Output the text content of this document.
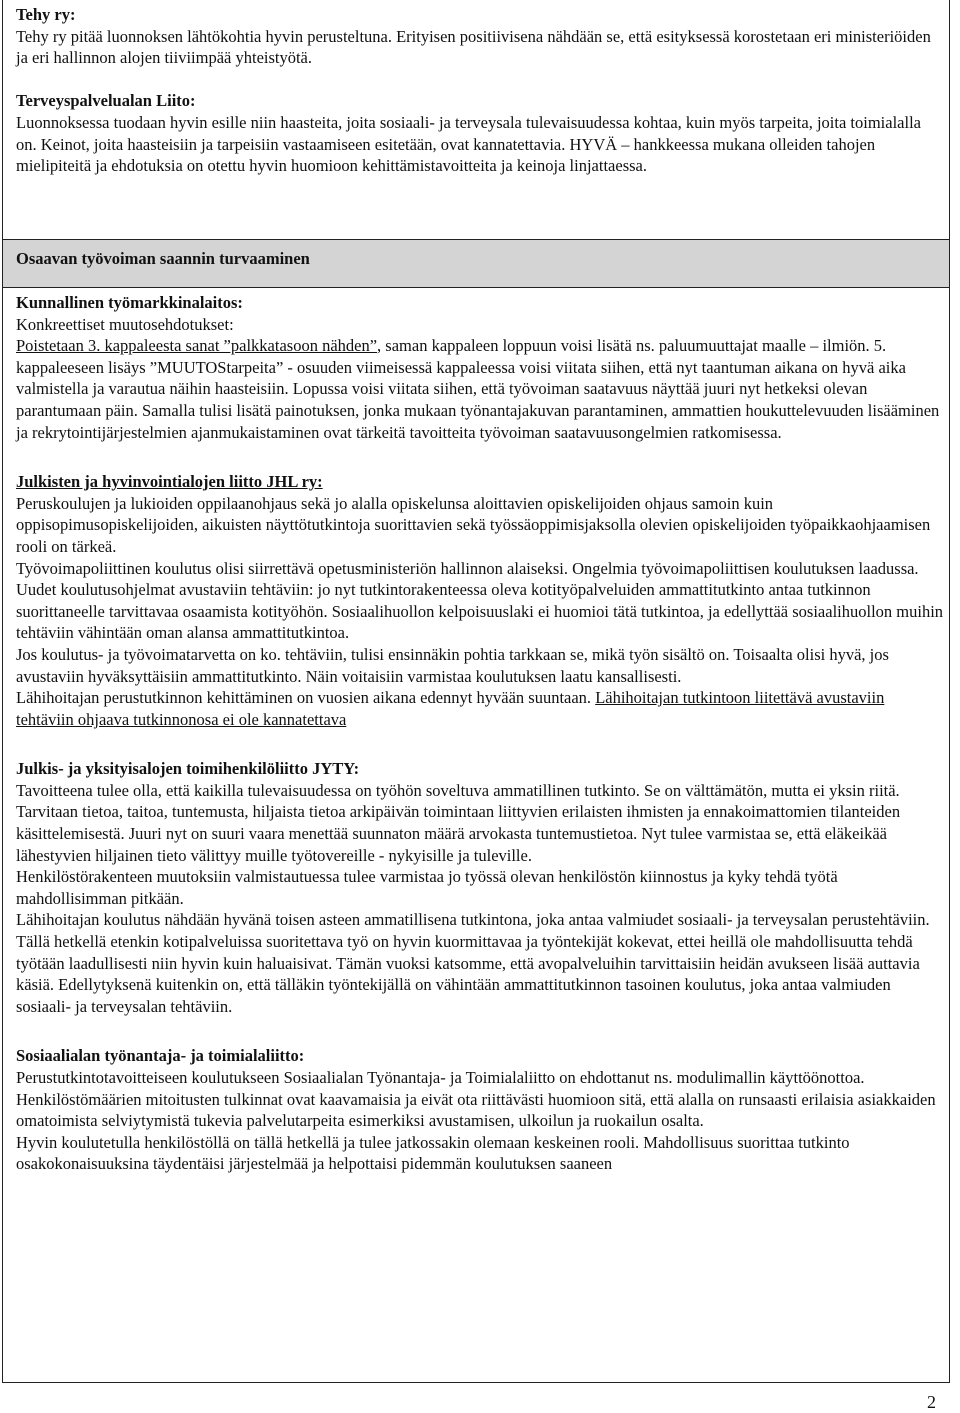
Tehy ry:

Tehy ry pitää luonnoksen lähtökohtia hyvin perusteltuna. Erityisen positiivisena nähdään se, että esityksessä korostetaan eri ministeriöiden ja eri hallinnon alojen tiiviimpää yhteistyötä.

Terveyspalvelualan Liito:

Luonnoksessa tuodaan hyvin esille niin haasteita, joita sosiaali- ja terveysala tulevaisuudessa kohtaa, kuin myös tarpeita, joita toimialalla on. Keinot, joita haasteisiin ja tarpeisiin vastaamiseen esitetään, ovat kannatettavia. HYVÄ – hankkeessa mukana olleiden tahojen mielipiteitä ja ehdotuksia on otettu hyvin huomioon kehittämistavoitteita ja keinoja linjattaessa.

Osaavan työvoiman saannin turvaaminen

Kunnallinen työmarkkinalaitos:

Konkreettiset muutosehdotukset:

Poistetaan 3. kappaleesta sanat ”palkkatasoon nähden”, saman kappaleen loppuun voisi lisätä ns. paluumuuttajat maalle – ilmiön. 5. kappaleeseen lisäys ”MUUTOStarpeita” - osuuden viimeisessä kappaleessa voisi viitata siihen, että nyt taantuman aikana on hyvä aika valmistella ja varautua näihin haasteisiin. Lopussa voisi viitata siihen, että työvoiman saatavuus näyttää juuri nyt hetkeksi olevan parantumaan päin. Samalla tulisi lisätä painotuksen, jonka mukaan työnantajakuvan parantaminen, ammattien houkuttelevuuden lisääminen ja rekrytointijärjestelmien ajanmukaistaminen ovat tärkeitä tavoitteita työvoiman saatavuusongelmien ratkomisessa.

Julkisten ja hyvinvointialojen liitto JHL ry:

Peruskoulujen ja lukioiden oppilaanohjaus sekä jo alalla opiskelunsa aloittavien opiskelijoiden ohjaus samoin kuin oppisopimusopiskelijoiden, aikuisten näyttötutkintoja suorittavien sekä työssäoppimisjaksolla olevien opiskelijoiden työpaikkaohjaamisen rooli on tärkeä.

Työvoimapoliittinen koulutus olisi siirrettävä opetusministeriön hallinnon alaiseksi. Ongelmia työvoimapoliittisen koulutuksen laadussa.

Uudet koulutusohjelmat avustaviin tehtäviin: jo nyt tutkintorakenteessa oleva kotityöpalveluiden ammattitutkinto antaa tutkinnon suorittaneelle tarvittavaa osaamista kotityöhön. Sosiaalihuollon kelpoisuuslaki ei huomioi tätä tutkintoa, ja edellyttää sosiaalihuollon muihin tehtäviin vähintään oman alansa ammattitutkintoa.

Jos koulutus- ja työvoimatarvetta on ko. tehtäviin, tulisi ensinnäkin pohtia tarkkaan se, mikä työn sisältö on. Toisaalta olisi hyvä, jos avustaviin hyväksyttäisiin ammattitutkinto. Näin voitaisiin varmistaa koulutuksen laatu kansallisesti.

Lähihoitajan perustutkinnon kehittäminen on vuosien aikana edennyt hyvään suuntaan. Lähihoitajan tutkintoon liitettävä avustaviin tehtäviin ohjaava tutkinnonosa ei ole kannatettava

Julkis- ja yksityisalojen toimihenkilöliitto JYTY:

Tavoitteena tulee olla, että kaikilla tulevaisuudessa on työhön soveltuva ammatillinen tutkinto. Se on välttämätön, mutta ei yksin riitä. Tarvitaan tietoa, taitoa, tuntemusta, hiljaista tietoa arkipäivän toimintaan liittyvien erilaisten ihmisten ja ennakoimattomien tilanteiden käsittelemisestä. Juuri nyt on suuri vaara menettää suunnaton määrä arvokasta tuntemustietoa. Nyt tulee varmistaa se, että eläkeikää lähestyvien hiljainen tieto välittyy muille työtovereille - nykyisille ja tuleville.

Henkilöstörakenteen muutoksiin valmistautuessa tulee varmistaa jo työssä olevan henkilöstön kiinnostus ja kyky tehdä työtä mahdollisimman pitkään.

Lähihoitajan koulutus nähdään hyvänä toisen asteen ammatillisena tutkintona, joka antaa valmiudet sosiaali- ja terveysalan perustehtäviin. Tällä hetkellä etenkin kotipalveluissa suoritettava työ on hyvin kuormittavaa ja työntekijät kokevat, ettei heillä ole mahdollisuutta tehdä työtään laadullisesti niin hyvin kuin haluaisivat. Tämän vuoksi katsomme, että avopalveluihin tarvittaisiin heidän avukseen lisää auttavia käsiä. Edellytyksenä kuitenkin on, että tälläkin työntekijällä on vähintään ammattitutkinnon tasoinen koulutus, joka antaa valmiuden sosiaali- ja terveysalan tehtäviin.

Sosiaalialan työnantaja- ja toimialaliitto:

Perustutkintotavoitteiseen koulutukseen Sosiaalialan Työnantaja- ja Toimialaliitto on ehdottanut ns. modulimallin käyttöönottoa. Henkilöstömäärien mitoitusten tulkinnat ovat kaavamaisia ja eivät ota riittävästi huomioon sitä, että alalla on runsaasti erilaisia asiakkaiden omatoimista selviytymistä tukevia palvelutarpeita esimerkiksi avustamisen, ulkoilun ja ruokailun osalta.

Hyvin koulutetulla henkilöstöllä on tällä hetkellä ja tulee jatkossakin olemaan keskeinen rooli. Mahdollisuus suorittaa tutkinto osakokonaisuuksina täydentäisi järjestelmää ja helpottaisi pidemmän koulutuksen saaneen

2
